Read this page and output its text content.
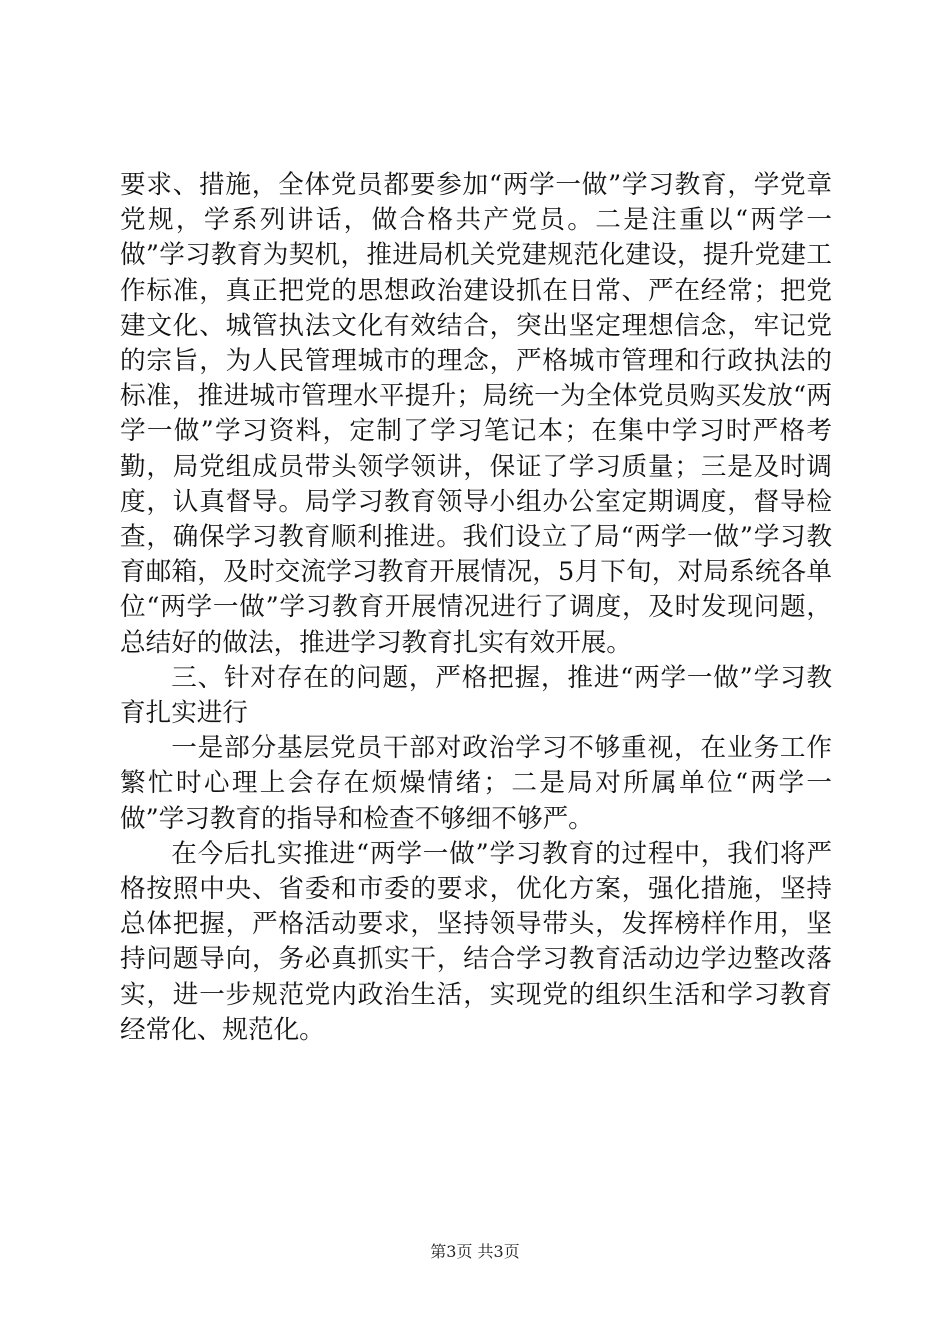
要求、措施，全体党员都要参加“两学一做”学习教育，学党章党规，学系列讲话，做合格共产党员。二是注重以“两学一做”学习教育为契机，推进局机关党建规范化建设，提升党建工作标准，真正把党的思想政治建设抓在日常、严在经常；把党建文化、城管执法文化有效结合，突出坚定理想信念，牢记党的宗旨，为人民管理城市的理念，严格城市管理和行政执法的标准，推进城市管理水平提升；局统一为全体党员购买发放“两学一做”学习资料，定制了学习笔记本；在集中学习时严格考勤，局党组成员带头领学领讲，保证了学习质量；三是及时调度，认真督导。局学习教育领导小组办公室定期调度，督导检查，确保学习教育顺利推进。我们设立了局“两学一做”学习教育邮箱，及时交流学习教育开展情况，5月下旬，对局系统各单位“两学一做”学习教育开展情况进行了调度，及时发现问题，总结好的做法，推进学习教育扎实有效开展。

三、针对存在的问题，严格把握，推进“两学一做”学习教育扎实进行

一是部分基层党员干部对政治学习不够重视，在业务工作繁忙时心理上会存在烦燥情绪；二是局对所属单位“两学一做”学习教育的指导和检查不够细不够严。

在今后扎实推进“两学一做”学习教育的过程中，我们将严格按照中央、省委和市委的要求，优化方案，强化措施，坚持总体把握，严格活动要求，坚持领导带头，发挥榜样作用，坚持问题导向，务必真抓实干，结合学习教育活动边学边整改落实，进一步规范党内政治生活，实现党的组织生活和学习教育经常化、规范化。

第3页 共3页
